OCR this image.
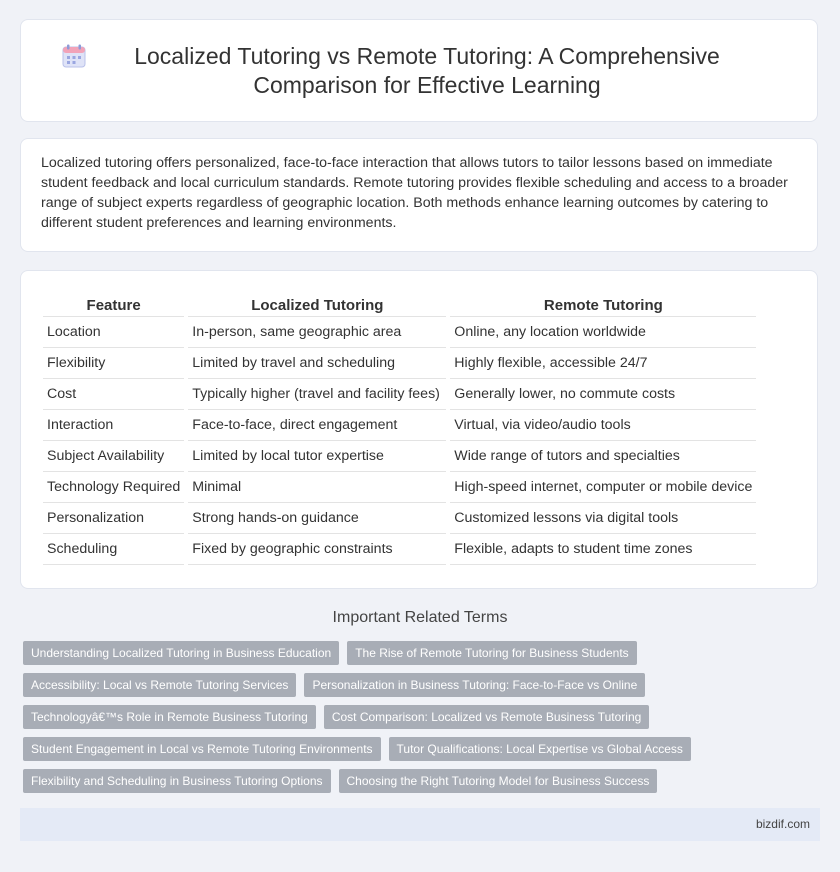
Localized Tutoring vs Remote Tutoring: A Comprehensive Comparison for Effective Learning

Localized tutoring offers personalized, face-to-face interaction that allows tutors to tailor lessons based on immediate student feedback and local curriculum standards. Remote tutoring provides flexible scheduling and access to a broader range of subject experts regardless of geographic location. Both methods enhance learning outcomes by catering to different student preferences and learning environments.

Feature	Localized Tutoring	Remote Tutoring
Location	In-person, same geographic area	Online, any location worldwide
Flexibility	Limited by travel and scheduling	Highly flexible, accessible 24/7
Cost	Typically higher (travel and facility fees)	Generally lower, no commute costs
Interaction	Face-to-face, direct engagement	Virtual, via video/audio tools
Subject Availability	Limited by local tutor expertise	Wide range of tutors and specialties
Technology Required	Minimal	High-speed internet, computer or mobile device
Personalization	Strong hands-on guidance	Customized lessons via digital tools
Scheduling	Fixed by geographic constraints	Flexible, adapts to student time zones
Important Related Terms
Understanding Localized Tutoring in Business Education	The Rise of Remote Tutoring for Business Students
Accessibility: Local vs Remote Tutoring Services	Personalization in Business Tutoring: Face-to-Face vs Online
Technologyâ€™s Role in Remote Business Tutoring	Cost Comparison: Localized vs Remote Business Tutoring
Student Engagement in Local vs Remote Tutoring Environments	Tutor Qualifications: Local Expertise vs Global Access
Flexibility and Scheduling in Business Tutoring Options	Choosing the Right Tutoring Model for Business Success
bizdif.com
